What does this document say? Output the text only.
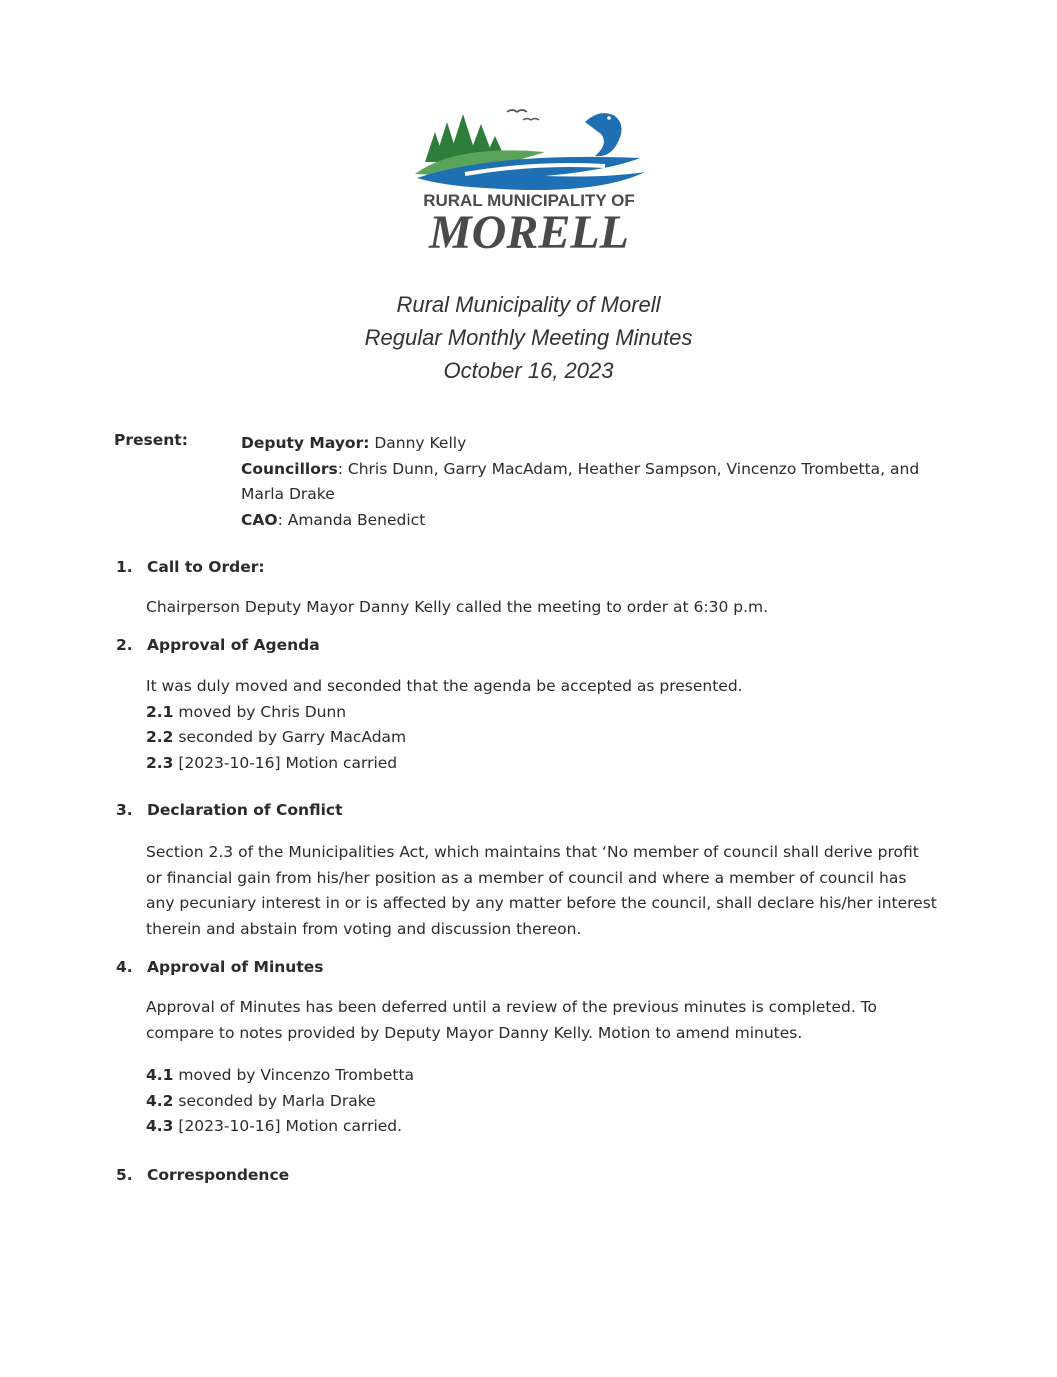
RURAL MUNICIPALITY OF
MORELL
Rural Municipality of Morell
Regular Monthly Meeting Minutes
October 16, 2023
Present:	Deputy Mayor: Danny Kelly
Councillors: Chris Dunn, Garry MacAdam, Heather Sampson, Vincenzo Trombetta, and
Marla Drake
CAO: Amanda Benedict
1. Call to Order:
Chairperson Deputy Mayor Danny Kelly called the meeting to order at 6:30 p.m.
2. Approval of Agenda
It was duly moved and seconded that the agenda be accepted as presented.
2.1 moved by Chris Dunn
2.2 seconded by Garry MacAdam
2.3 [2023-10-16] Motion carried
3. Declaration of Conflict
Section 2.3 of the Municipalities Act, which maintains that ‘No member of council shall derive profit
or financial gain from his/her position as a member of council and where a member of council has
any pecuniary interest in or is affected by any matter before the council, shall declare his/her interest
therein and abstain from voting and discussion thereon.
4. Approval of Minutes
Approval of Minutes has been deferred until a review of the previous minutes is completed. To
compare to notes provided by Deputy Mayor Danny Kelly. Motion to amend minutes.
4.1 moved by Vincenzo Trombetta
4.2 seconded by Marla Drake
4.3 [2023-10-16] Motion carried.
5. Correspondence
